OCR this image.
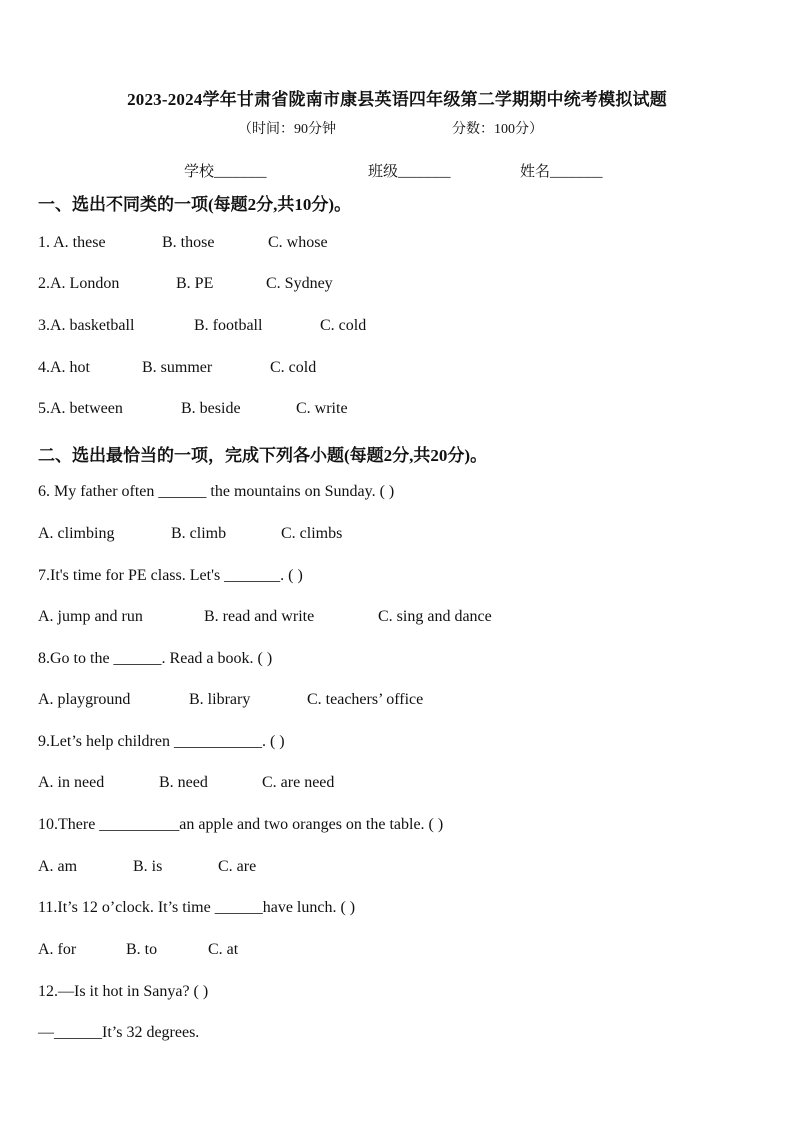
2023-2024学年甘肃省陇南市康县英语四年级第二学期期中统考模拟试题
（时间：90分钟	分数：100分）
学校_______	班级_______	姓名_______
一、选出不同类的一项(每题2分,共10分)。
1. A. these	B. those	C. whose
2.A. London	B. PE	C. Sydney
3.A. basketball	B. football	C. cold
4.A. hot	B. summer	C. cold
5.A. between	B. beside	C. write
二、选出最恰当的一项，完成下列各小题(每题2分,共20分)。
6. My father often ______ the mountains on Sunday. ( )
A. climbing	B. climb	C. climbs
7.It's time for PE class. Let's _______. ( )
A. jump and run	B. read and write	C. sing and dance
8.Go to the ______. Read a book. ( )
A. playground	B. library	C. teachers’ office
9.Let’s help children ___________. ( )
A. in need	B. need	C. are need
10.There __________an apple and two oranges on the table. ( )
A. am	B. is	C. are
11.It’s 12 o’clock. It’s time ______have lunch. ( )
A. for	B. to	C. at
12.—Is it hot in Sanya? ( )
—______It’s 32 degrees.
